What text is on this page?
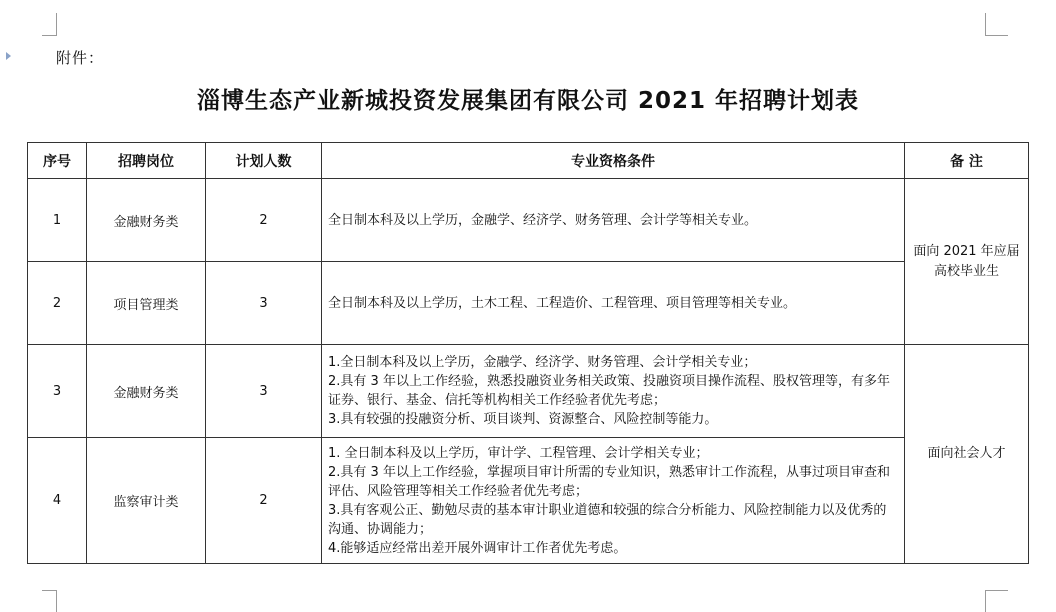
附件：
淄博生态产业新城投资发展集团有限公司 2021 年招聘计划表
序号	招聘岗位	计划人数	专业资格条件	备 注
1	金融财务类	2	全日制本科及以上学历，金融学、经济学、财务管理、会计学等相关专业。	面向 2021 年应届高校毕业生

2	项目管理类	3	全日制本科及以上学历，土木工程、工程造价、工程管理、项目管理等相关专业。	

3	金融财务类	3	1.全日制本科及以上学历，金融学、经济学、财务管理、会计学相关专业；
2.具有 3 年以上工作经验，熟悉投融资业务相关政策、投融资项目操作流程、股权管理等，有多年证券、银行、基金、信托等机构相关工作经验者优先考虑；
3.具有较强的投融资分析、项目谈判、资源整合、风险控制等能力。	面向社会人才

4	监察审计类	2	1. 全日制本科及以上学历，审计学、工程管理、会计学相关专业；
2.具有 3 年以上工作经验，掌握项目审计所需的专业知识，熟悉审计工作流程，从事过项目审查和评估、风险管理等相关工作经验者优先考虑；
3.具有客观公正、勤勉尽责的基本审计职业道德和较强的综合分析能力、风险控制能力以及优秀的沟通、协调能力；
4.能够适应经常出差开展外调审计工作者优先考虑。	
